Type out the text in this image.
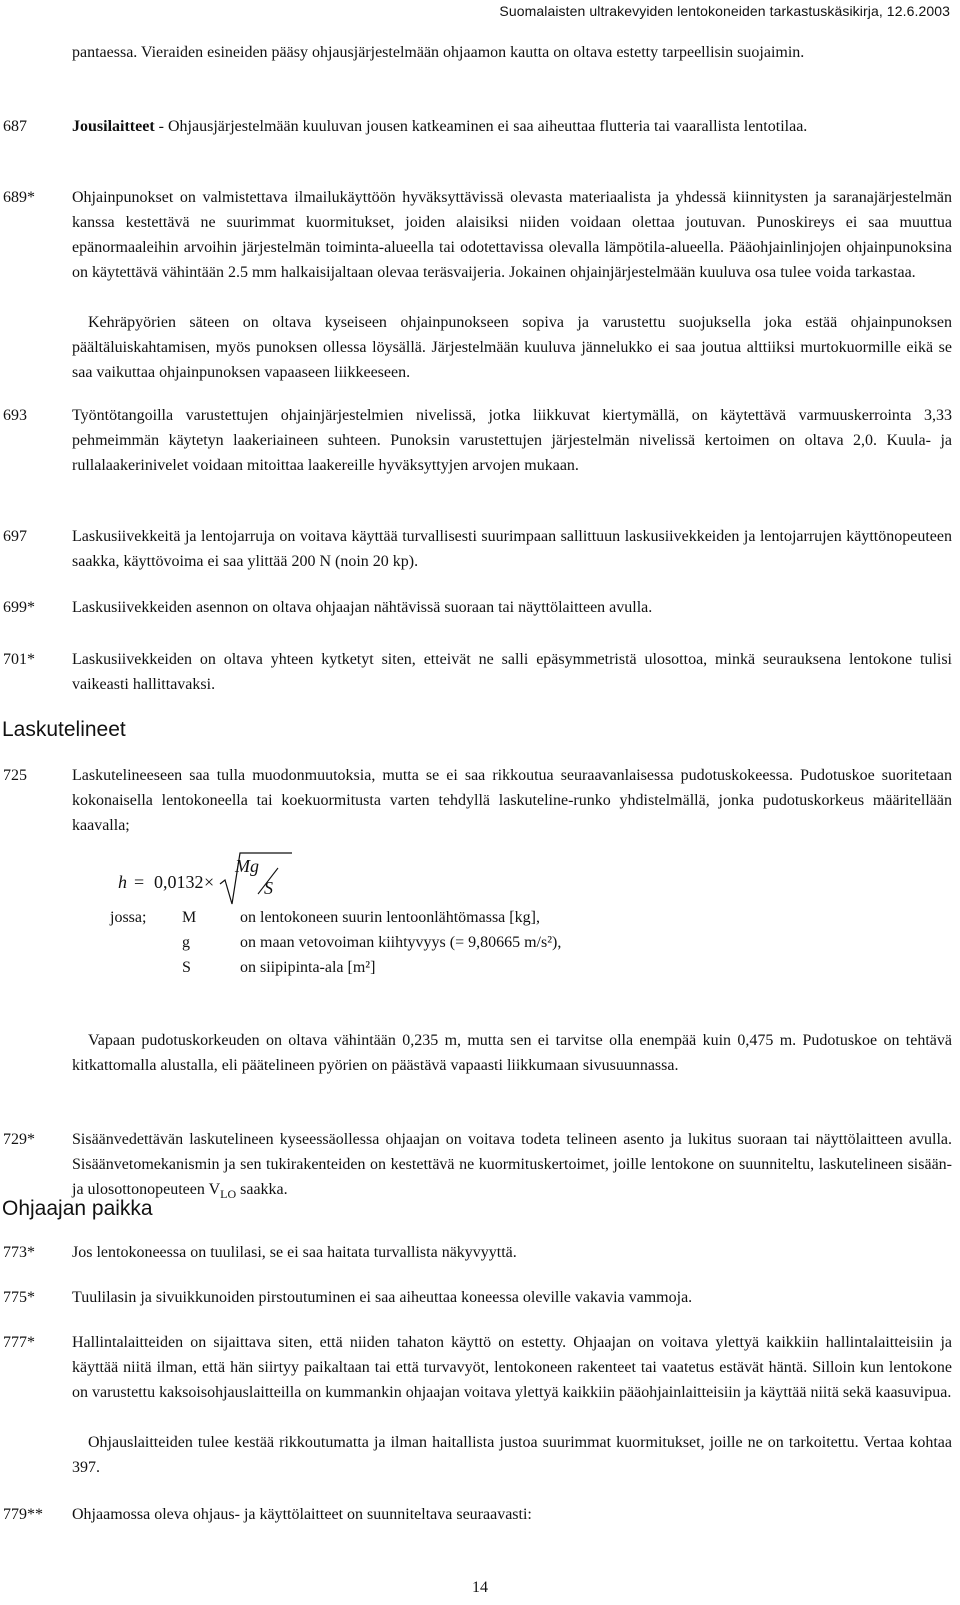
Suomalaisten ultrakevyiden lentokoneiden tarkastuskäsikirja, 12.6.2003
pantaessa. Vieraiden esineiden pääsy ohjausjärjestelmään ohjaamon kautta on oltava estetty tarpeellisin suojaimin.
687	Jousilaitteet - Ohjausjärjestelmään kuuluvan jousen katkeaminen ei saa aiheuttaa flutteria tai vaarallista lentotilaa.
689* Ohjainpunokset on valmistettava ilmailukäyttöön hyväksyttävissä olevasta materiaalista ja yhdessä kiinnitysten ja saranajärjestelmän kanssa kestettävä ne suurimmat kuormitukset, joiden alaisiksi niiden voidaan olettaa joutuvan. Punoskireys ei saa muuttua epänormaaleihin arvoihin järjestelmän toiminta-alueella tai odotettavissa olevalla lämpötila-alueella. Pääohjainlinjojen ohjainpunoksina on käytettävä vähintään 2.5 mm halkaisijaltaan olevaa teräsvaijeria. Jokainen ohjainjärjestelmään kuuluva osa tulee voida tarkastaa.
Kehräpyörien säteen on oltava kyseiseen ohjainpunokseen sopiva ja varustettu suojuksella joka estää ohjainpunoksen päältäluiskahtamisen, myös punoksen ollessa löysällä. Järjestelmään kuuluva jännelukko ei saa joutua alttiiksi murtokuormille eikä se saa vaikuttaa ohjainpunoksen vapaaseen liikkeeseen.
693	Työntötangoilla varustettujen ohjainjärjestelmien nivelissä, jotka liikkuvat kiertymällä, on käytettävä varmuuskerrointa 3,33 pehmeimmän käytetyn laakeriaineen suhteen. Punoksin varustettujen järjestelmän nivelissä kertoimen on oltava 2,0. Kuula- ja rullalaakerinivelet voidaan mitoittaa laakereille hyväksyttyjen arvojen mukaan.
697	Laskusiivekkeitä ja lentojarruja on voitava käyttää turvallisesti suurimpaan sallittuun laskusiivekkeiden ja lentojarrujen käyttönopeuteen saakka, käyttövoima ei saa ylittää 200 N (noin 20 kp).
699* Laskusiivekkeiden asennon on oltava ohjaajan nähtävissä suoraan tai näyttölaitteen avulla.
701* Laskusiivekkeiden on oltava yhteen kytketyt siten, etteivät ne salli epäsymmetristä ulosottoa, minkä seurauksena lentokone tulisi vaikeasti hallittavaksi.
Laskutelineet
725	Laskutelineeseen saa tulla muodonmuutoksia, mutta se ei saa rikkoutua seuraavanlaisessa pudotuskokeessa. Pudotuskoe suoritetaan kokonaisella lentokoneella tai koekuormitusta varten tehdyllä laskuteline-runko yhdistelmällä, jonka pudotuskorkeus määritellään kaavalla;
h = 0,0132 ×
Mg
S
jossa; M	on lentokoneen suurin lentoonlähtömassa [kg],
g	on maan vetovoiman kiihtyvyys (= 9,80665 m/s²),
S	on siipipinta-ala [m²]
Vapaan pudotuskorkeuden on oltava vähintään 0,235 m, mutta sen ei tarvitse olla enempää kuin 0,475 m. Pudotuskoe on tehtävä kitkattomalla alustalla, eli päätelineen pyörien on päästävä vapaasti liikkumaan sivusuunnassa.
729* Sisäänvedettävän laskutelineen kyseessäollessa ohjaajan on voitava todeta telineen asento ja lukitus suoraan tai näyttölaitteen avulla. Sisäänvetomekanismin ja sen tukirakenteiden on kestettävä ne kuormituskertoimet, joille lentokone on suunniteltu, laskutelineen sisään- ja ulosottonopeuteen $V_{LO}$ saakka.
Ohjaajan paikka
773* Jos lentokoneessa on tuulilasi, se ei saa haitata turvallista näkyvyyttä.
775* Tuulilasin ja sivuikkunoiden pirstoutuminen ei saa aiheuttaa koneessa oleville vakavia vammoja.
777* Hallintalaitteiden on sijaittava siten, että niiden tahaton käyttö on estetty. Ohjaajan on voitava ylettyä kaikkiin hallintalaitteisiin ja käyttää niitä ilman, että hän siirtyy paikaltaan tai että turvavyöt, lentokoneen rakenteet tai vaatetus estävät häntä. Silloin kun lentokone on varustettu kaksoisohjauslaitteilla on kummankin ohjaajan voitava ylettyä kaikkiin pääohjainlaitteisiin ja käyttää niitä sekä kaasuvipua.
Ohjauslaitteiden tulee kestää rikkoutumatta ja ilman haitallista justoa suurimmat kuormitukset, joille ne on tarkoitettu. Vertaa kohtaa 397.
779** Ohjaamossa oleva ohjaus- ja käyttölaitteet on suunniteltava seuraavasti:
14
